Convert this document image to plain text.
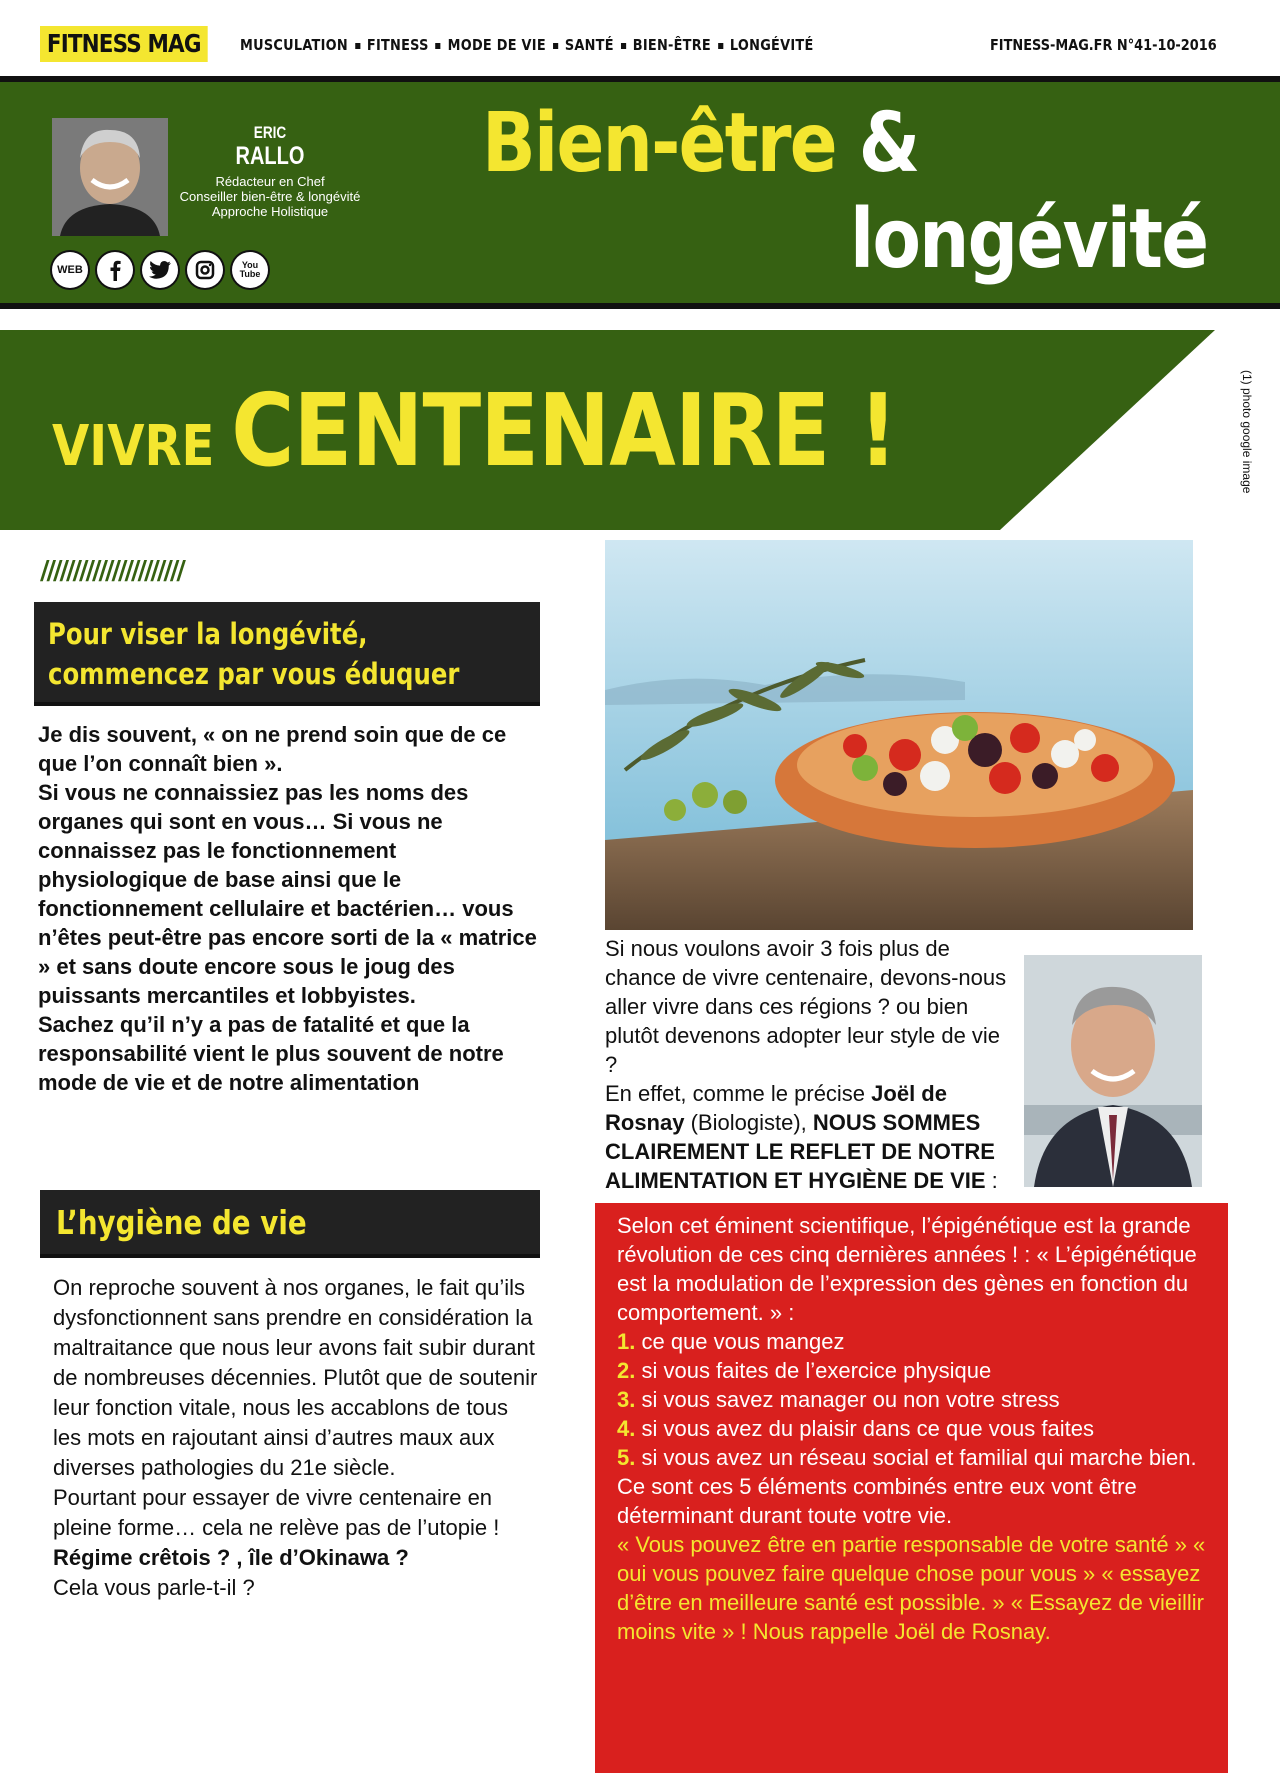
FITNESS MAG	MUSCULATION FITNESS MODE DE VIE SANTÉ BIEN-ÊTRE LONGÉVITÉ	FITNESS-MAG.FR N°41-10-2016
ERIC
RALLO
Rédacteur en Chef
Conseiller bien-être & longévité
Approche Holistique
WEB	You Tube
Bien-être &
longévité
VIVRE CENTENAIRE !	(1) photo google image
//////////////////////
Pour viser la longévité,
commencez par vous éduquer

Je dis souvent, « on ne prend soin que de ce que l’on connaît bien ».

Si vous ne connaissiez pas les noms des organes qui sont en vous… Si vous ne connaissez pas le fonctionnement physiologique de base ainsi que le fonctionnement cellulaire et bactérien… vous n’êtes peut-être pas encore sorti de la « matrice » et sans doute encore sous le joug des puissants mercantiles et lobbyistes.

Sachez qu’il n’y a pas de fatalité et que la responsabilité vient le plus souvent de notre mode de vie et de notre alimentation

L’hygiène de vie

On reproche souvent à nos organes, le fait qu’ils dysfonctionnent sans prendre en considération la maltraitance que nous leur avons fait subir durant de nombreuses décennies. Plutôt que de soutenir leur fonction vitale, nous les accablons de tous les mots en rajoutant ainsi d’autres maux aux diverses pathologies du 21e siècle.

Pourtant pour essayer de vivre centenaire en pleine forme… cela ne relève pas de l’utopie !

Régime crêtois ? , île d’Okinawa ?

Cela vous parle-t-il ?

Si nous voulons avoir 3 fois plus de chance de vivre centenaire, devons-nous aller vivre dans ces régions ? ou bien plutôt devenons adopter leur style de vie ?

En effet, comme le précise Joël de Rosnay (Biologiste), NOUS SOMMES CLAIREMENT LE REFLET DE NOTRE ALIMENTATION ET HYGIÈNE DE VIE :

Selon cet éminent scientifique, l’épigénétique est la grande révolution de ces cinq dernières années ! : « L’épigénétique est la modulation de l’expression des gènes en fonction du comportement. » :

1. ce que vous mangez

2. si vous faites de l’exercice physique

3. si vous savez manager ou non votre stress

4. si vous avez du plaisir dans ce que vous faites

5. si vous avez un réseau social et familial qui marche bien.

Ce sont ces 5 éléments combinés entre eux vont être déterminant durant toute votre vie.

« Vous pouvez être en partie responsable de votre santé » « oui vous pouvez faire quelque chose pour vous » « essayez d’être en meilleure santé est possible. » « Essayez de vieillir moins vite » ! Nous rappelle Joël de Rosnay.
